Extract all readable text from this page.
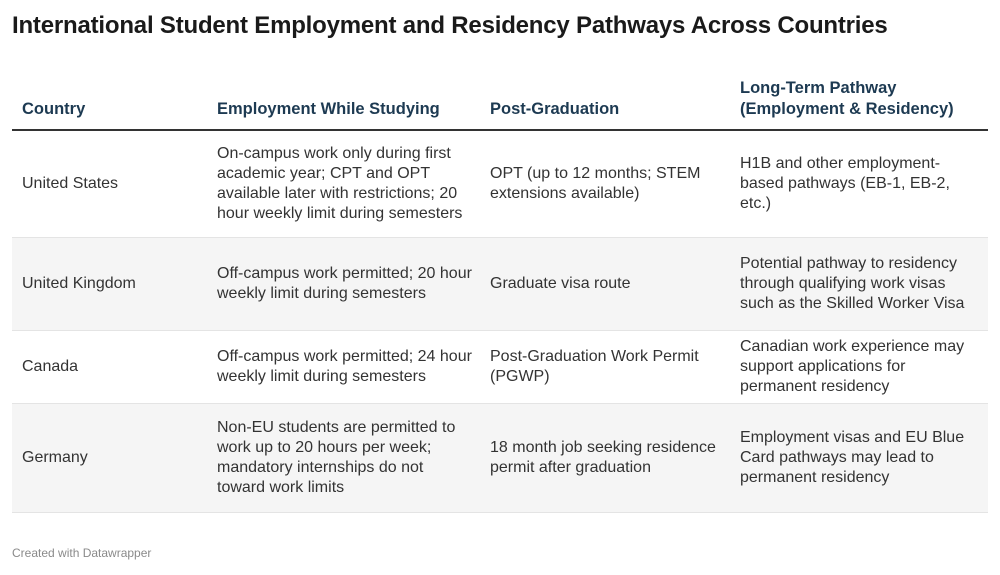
International Student Employment and Residency Pathways Across Countries
Country	Employment While Studying	Post-Graduation	Long-Term Pathway (Employment & Residency)
United States	On-campus work only during first academic year; CPT and OPT available later with restrictions; 20 hour weekly limit during semesters	OPT (up to 12 months; STEM extensions available)	H1B and other employment-based pathways (EB-1, EB-2, etc.)
United Kingdom	Off-campus work permitted; 20 hour weekly limit during semesters	Graduate visa route	Potential pathway to residency through qualifying work visas such as the Skilled Worker Visa
Canada	Off-campus work permitted; 24 hour weekly limit during semesters	Post-Graduation Work Permit (PGWP)	Canadian work experience may support applications for permanent residency
Germany	Non-EU students are permitted to work up to 20 hours per week; mandatory internships do not toward work limits	18 month job seeking residence permit after graduation	Employment visas and EU Blue Card pathways may lead to permanent residency
Created with Datawrapper
